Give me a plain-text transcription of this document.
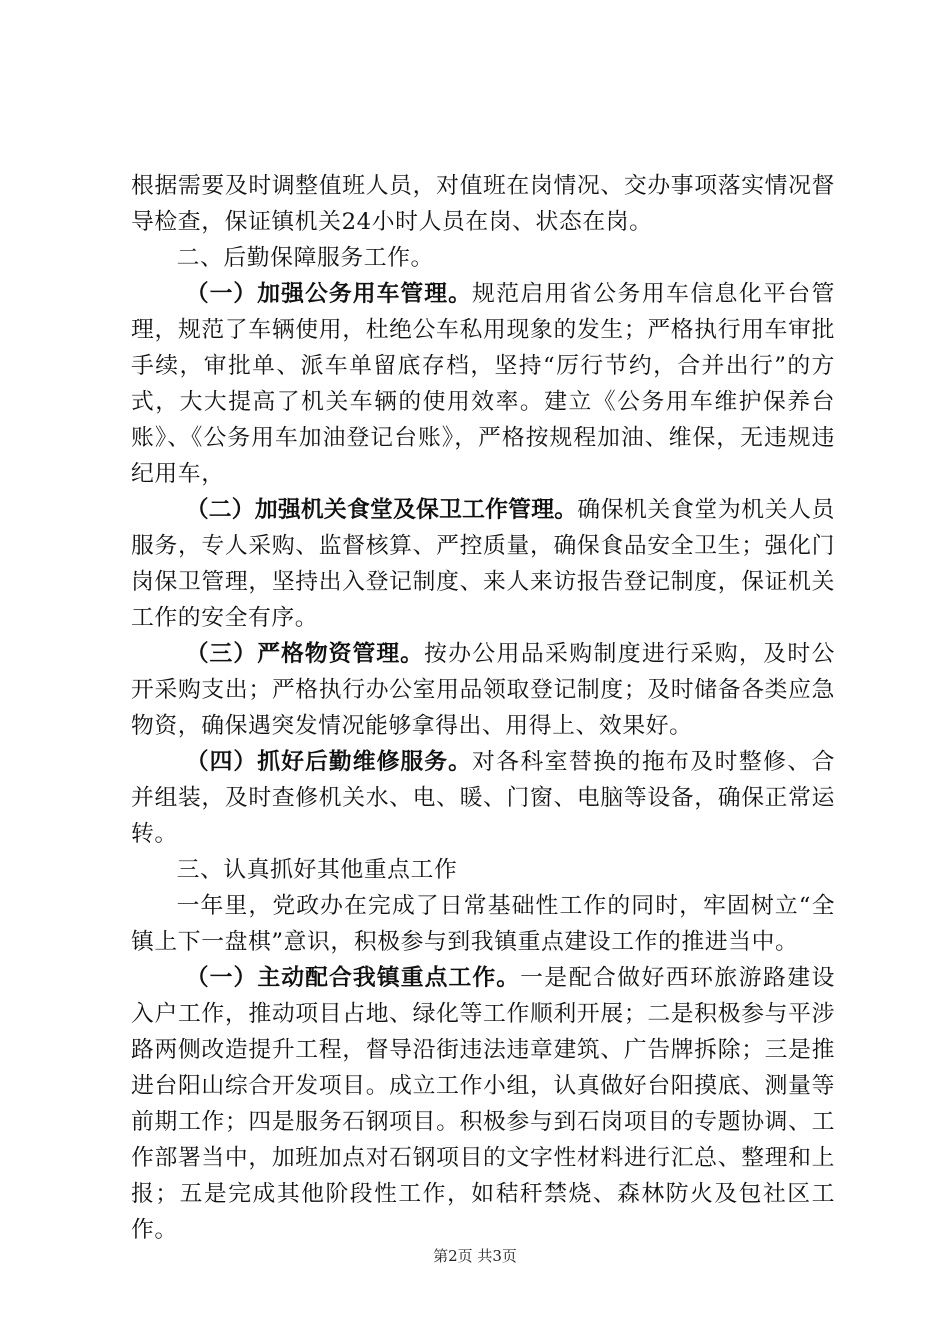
根据需要及时调整值班人员，对值班在岗情况、交办事项落实情况督导检查，保证镇机关24小时人员在岗、状态在岗。

二、后勤保障服务工作。

（一）加强公务用车管理。规范启用省公务用车信息化平台管理，规范了车辆使用，杜绝公车私用现象的发生；严格执行用车审批手续，审批单、派车单留底存档，坚持“厉行节约，合并出行”的方式，大大提高了机关车辆的使用效率。建立《公务用车维护保养台账》、《公务用车加油登记台账》，严格按规程加油、维保，无违规违纪用车，

（二）加强机关食堂及保卫工作管理。确保机关食堂为机关人员服务，专人采购、监督核算、严控质量，确保食品安全卫生；强化门岗保卫管理，坚持出入登记制度、来人来访报告登记制度，保证机关工作的安全有序。

（三）严格物资管理。按办公用品采购制度进行采购，及时公开采购支出；严格执行办公室用品领取登记制度；及时储备各类应急物资，确保遇突发情况能够拿得出、用得上、效果好。

（四）抓好后勤维修服务。对各科室替换的拖布及时整修、合并组装，及时查修机关水、电、暖、门窗、电脑等设备，确保正常运转。

三、认真抓好其他重点工作

一年里，党政办在完成了日常基础性工作的同时，牢固树立“全镇上下一盘棋”意识，积极参与到我镇重点建设工作的推进当中。

（一）主动配合我镇重点工作。一是配合做好西环旅游路建设入户工作，推动项目占地、绿化等工作顺利开展；二是积极参与平涉路两侧改造提升工程，督导沿街违法违章建筑、广告牌拆除；三是推进台阳山综合开发项目。成立工作小组，认真做好台阳摸底、测量等前期工作；四是服务石钢项目。积极参与到石岗项目的专题协调、工作部署当中，加班加点对石钢项目的文字性材料进行汇总、整理和上报；五是完成其他阶段性工作，如秸秆禁烧、森林防火及包社区工作。

第2页 共3页
